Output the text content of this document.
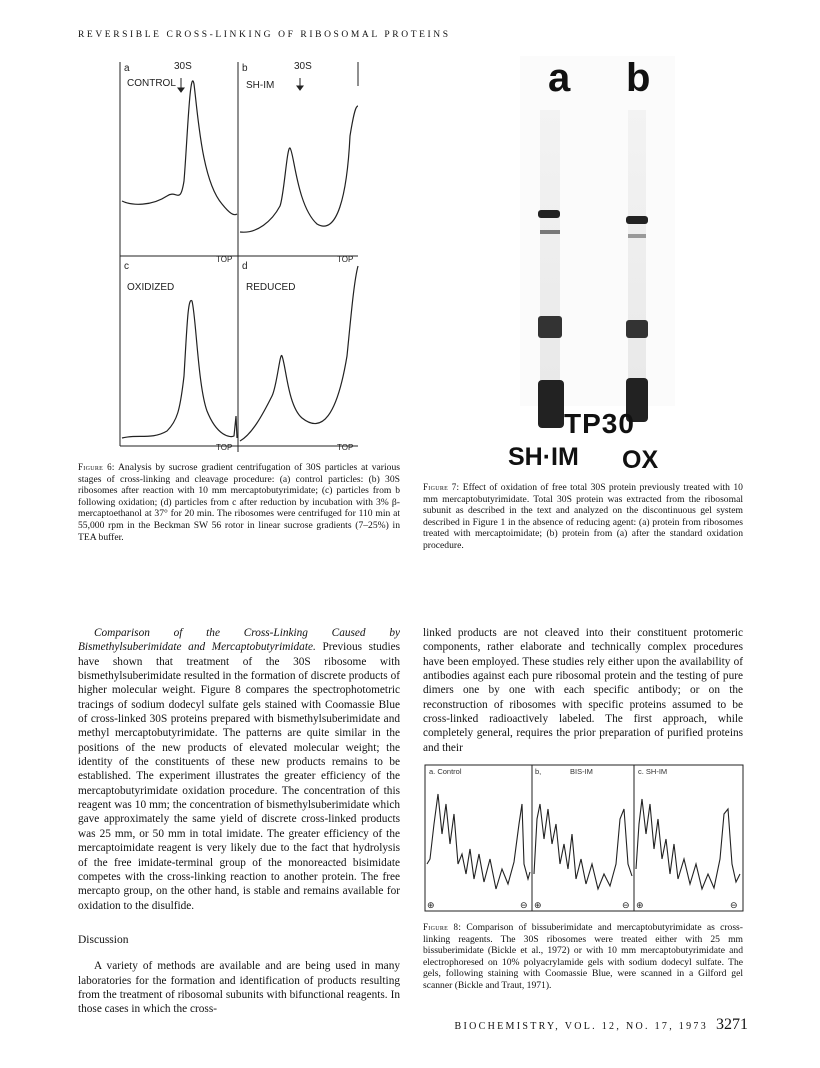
REVERSIBLE CROSS-LINKING OF RIBOSOMAL PROTEINS
a
CONTROL
30S	b
SH-IM
30S
c
OXIDIZED
d
REDUCED
TOP	TOP
TOP	TOP
Figure 6: Analysis by sucrose gradient centrifugation of 30S particles at various stages of cross-linking and cleavage procedure: (a) control particles: (b) 30S ribosomes after reaction with 10 mm mercaptobutyrimidate; (c) particles from b following oxidation; (d) particles from c after reduction by incubation with 3% β-mercaptoethanol at 37° for 20 min. The ribosomes were centrifuged for 110 min at 55,000 rpm in the Beckman SW 56 rotor in linear sucrose gradients (7–25%) in TEA buffer.
a b
TP30
SH·IM OX
Figure 7: Effect of oxidation of free total 30S protein previously treated with 10 mm mercaptobutyrimidate. Total 30S protein was extracted from the ribosomal subunit as described in the text and analyzed on the discontinuous gel system described in Figure 1 in the absence of reducing agent: (a) protein from ribosomes treated with mercaptoimidate; (b) protein from (a) after the standard oxidation procedure.

Comparison of the Cross-Linking Caused by Bismethylsuberimidate and Mercaptobutyrimidate. Previous studies have shown that treatment of the 30S ribosome with bismethylsuberimidate resulted in the formation of discrete products of higher molecular weight. Figure 8 compares the spectrophotometric tracings of sodium dodecyl sulfate gels stained with Coomassie Blue of cross-linked 30S proteins prepared with bismethylsuberimidate and methyl mercaptobutyrimidate. The patterns are quite similar in the positions of the new products of elevated molecular weight; the identity of the constituents of these new products remains to be established. The experiment illustrates the greater efficiency of the mercaptobutyrimidate oxidation procedure. The concentration of this reagent was 10 mm; the concentration of bismethylsuberimidate which gave approximately the same yield of discrete cross-linked products was 25 mm, or 50 mm in total imidate. The greater efficiency of the mercaptoimidate reagent is very likely due to the fact that hydrolysis of the free imidate-terminal group of the monoreacted bisimidate competes with the cross-linking reaction to another protein. The free mercapto group, on the other hand, is stable and remains available for oxidation to the disulfide.

Discussion

A variety of methods are available and are being used in many laboratories for the formation and identification of products resulting from the treatment of ribosomal subunits with bifunctional reagents. In those cases in which the cross-

linked products are not cleaved into their constituent protomeric components, rather elaborate and technically complex procedures have been employed. These studies rely either upon the availability of antibodies against each pure ribosomal protein and the testing of pure dimers one by one with each specific antibody; or on the reconstruction of ribosomes with specific proteins assumed to be cross-linked radioactively labeled. The first approach, while completely general, requires the prior preparation of purified proteins and their

a. Control	b,	BIS-IM	c. SH-IM
⊕	⊖ ⊕	⊖ ⊕	⊖
Figure 8: Comparison of bissuberimidate and mercaptobutyrimidate as cross-linking reagents. The 30S ribosomes were treated either with 25 mm bissuberimidate (Bickle et al., 1972) or with 10 mm mercaptobutyrimidate and electrophoresed on 10% polyacrylamide gels with sodium dodecyl sulfate. The gels, following staining with Coomassie Blue, were scanned in a Gilford gel scanner (Bickle and Traut, 1971).
BIOCHEMISTRY, VOL. 12, NO. 17, 1973 3271
